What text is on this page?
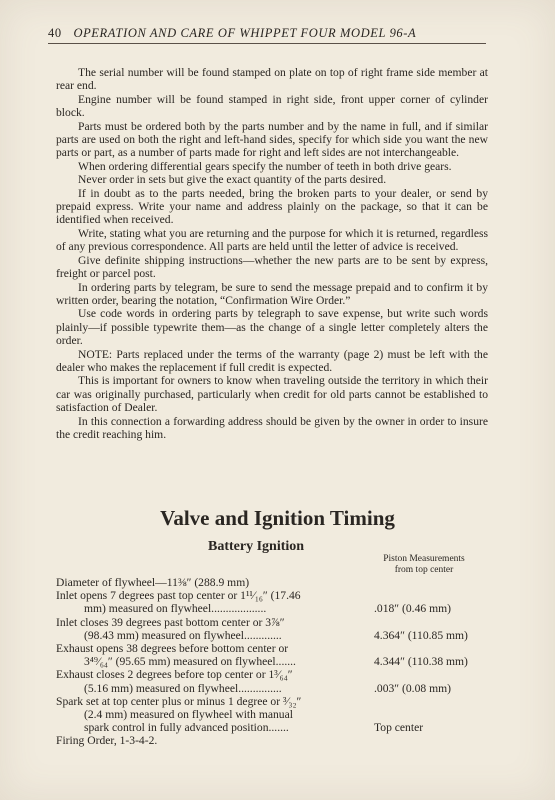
40 OPERATION AND CARE OF WHIPPET FOUR MODEL 96-A

The serial number will be found stamped on plate on top of right frame side member at rear end.

Engine number will be found stamped in right side, front upper corner of cylinder block.

Parts must be ordered both by the parts number and by the name in full, and if similar parts are used on both the right and left-hand sides, specify for which side you want the new parts or part, as a number of parts made for right and left sides are not interchangeable.

When ordering differential gears specify the number of teeth in both drive gears.

Never order in sets but give the exact quantity of the parts desired.

If in doubt as to the parts needed, bring the broken parts to your dealer, or send by prepaid express. Write your name and address plainly on the package, so that it can be identified when received.

Write, stating what you are returning and the purpose for which it is returned, regardless of any previous correspondence. All parts are held until the letter of advice is received.

Give definite shipping instructions—whether the new parts are to be sent by express, freight or parcel post.

In ordering parts by telegram, be sure to send the message prepaid and to confirm it by written order, bearing the notation, “Confirmation Wire Order.”

Use code words in ordering parts by telegraph to save expense, but write such words plainly—if possible typewrite them—as the change of a single letter completely alters the order.

NOTE: Parts replaced under the terms of the warranty (page 2) must be left with the dealer who makes the replacement if full credit is expected.

This is important for owners to know when traveling outside the territory in which their car was originally purchased, particularly when credit for old parts cannot be established to satisfaction of Dealer.

In this connection a forwarding address should be given by the owner in order to insure the credit reaching him.

Valve and Ignition Timing
Battery Ignition
Piston Measurements
from top center
Diameter of flywheel—11⅜″ (288.9 mm)
Inlet opens 7 degrees past top center or 1¹¹⁄₁₆″ (17.46
mm) measured on flywheel...................	.018″ (0.46 mm)
Inlet closes 39 degrees past bottom center or 3⅞″
(98.43 mm) measured on flywheel.............	4.364″ (110.85 mm)
Exhaust opens 38 degrees before bottom center or
3⁴⁹⁄₆₄″ (95.65 mm) measured on flywheel.......	4.344″ (110.38 mm)
Exhaust closes 2 degrees before top center or 1³⁄₆₄″
(5.16 mm) measured on flywheel...............	.003″ (0.08 mm)
Spark set at top center plus or minus 1 degree or ³⁄₃₂″
(2.4 mm) measured on flywheel with manual
spark control in fully advanced position.......	Top center
Firing Order, 1-3-4-2.
